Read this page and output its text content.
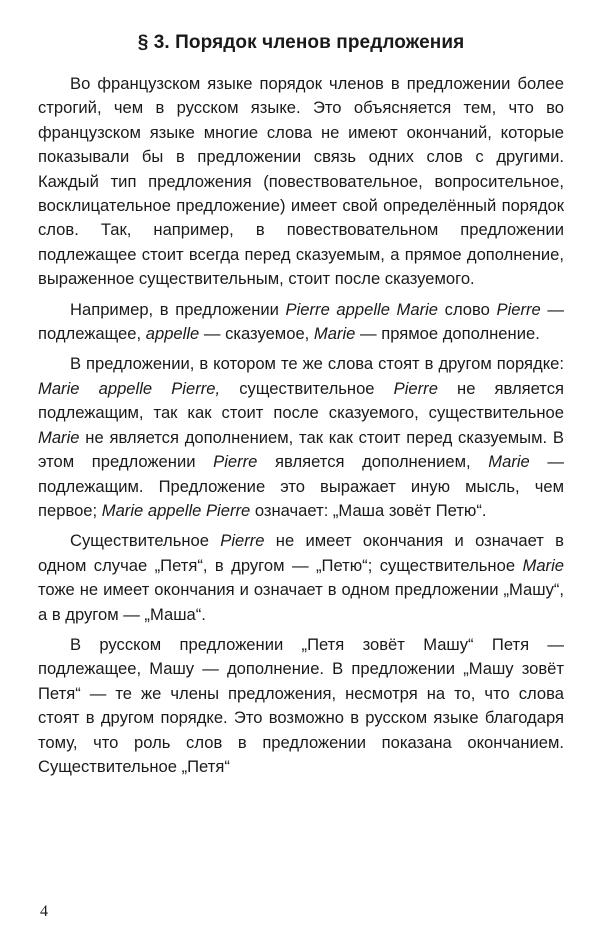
§ 3. Порядок членов предложения

Во французском языке порядок членов в предложении более строгий, чем в русском языке. Это объясняется тем, что во французском языке многие слова не имеют окончаний, которые показывали бы в предложении связь одних слов с другими. Каждый тип предложения (повествовательное, вопросительное, восклицательное предложение) имеет свой определённый порядок слов. Так, например, в повествовательном предложении подлежащее стоит всегда перед сказуемым, а прямое дополнение, выраженное существительным, стоит после сказуемого.

Например, в предложении Pierre appelle Marie слово Pierre — подлежащее, appelle — сказуемое, Marie — прямое дополнение.

В предложении, в котором те же слова стоят в другом порядке: Marie appelle Pierre, существительное Pierre не является подлежащим, так как стоит после сказуемого, существительное Marie не является дополнением, так как стоит перед сказуемым. В этом предложении Pierre является дополнением, Marie — подлежащим. Предложение это выражает иную мысль, чем первое; Marie appelle Pierre означает: „Маша зовёт Петю“.

Существительное Pierre не имеет окончания и означает в одном случае „Петя“, в другом — „Петю“; существительное Marie тоже не имеет окончания и означает в одном предложении „Машу“, а в другом — „Маша“.

В русском предложении „Петя зовёт Машу“ Петя — подлежащее, Машу — дополнение. В предложении „Машу зовёт Петя“ — те же члены предложения, несмотря на то, что слова стоят в другом порядке. Это возможно в русском языке благодаря тому, что роль слов в предложении показана окончанием. Существительное „Петя“

4
